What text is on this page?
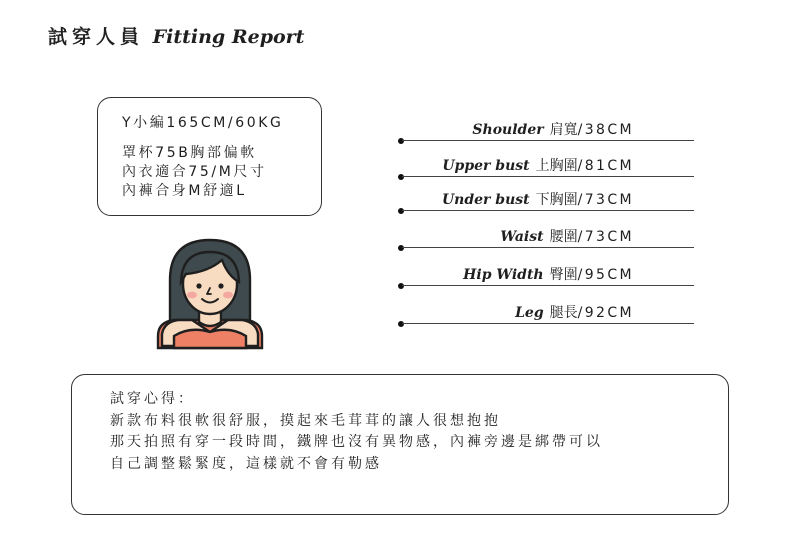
試穿人員 Fitting Report
Y小編165CM/60KG
罩杯75B胸部偏軟
內衣適合75/M尺寸
內褲合身M舒適L
Shoulder 肩寬/38CM
Upper bust 上胸圍/81CM
Under bust 下胸圍/73CM
Waist 腰圍/73CM
Hip Width 臀圍/95CM
Leg 腿長/92CM
試穿心得：
新款布料很軟很舒服，摸起來毛茸茸的讓人很想抱抱
那天拍照有穿一段時間，鐵牌也沒有異物感，內褲旁邊是綁帶可以
自己調整鬆緊度，這樣就不會有勒感
